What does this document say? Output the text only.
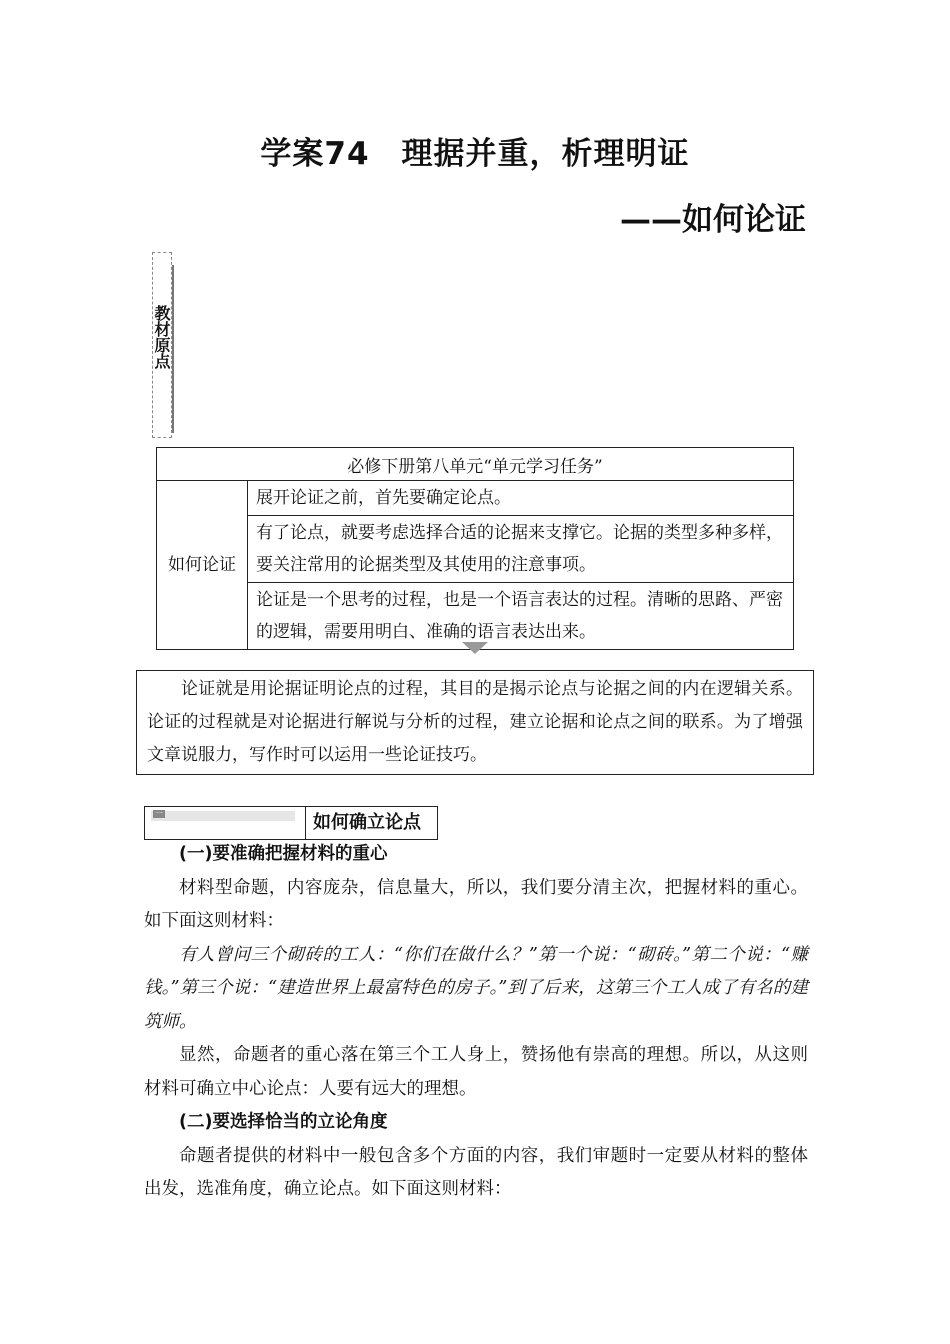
学案74　理据并重，析理明证
——如何论证
教材原点
必修下册第八单元“单元学习任务”
如何论证	展开论证之前，首先要确定论点。
有了论点，就要考虑选择合适的论据来支撑它。论据的类型多种多样，要关注常用的论据类型及其使用的注意事项。
论证是一个思考的过程，也是一个语言表达的过程。清晰的思路、严密的逻辑，需要用明白、准确的语言表达出来。
论证就是用论据证明论点的过程，其目的是揭示论点与论据之间的内在逻辑关系。论证的过程就是对论据进行解说与分析的过程，建立论据和论点之间的联系。为了增强文章说服力，写作时可以运用一些论证技巧。
一	如何确立论点

(一)要准确把握材料的重心

材料型命题，内容庞杂，信息量大，所以，我们要分清主次，把握材料的重心。如下面这则材料：

有人曾问三个砌砖的工人：“你们在做什么？”第一个说：“砌砖。”第二个说：“赚钱。”第三个说：“建造世界上最富特色的房子。”到了后来，这第三个工人成了有名的建筑师。

显然，命题者的重心落在第三个工人身上，赞扬他有崇高的理想。所以，从这则材料可确立中心论点：人要有远大的理想。

(二)要选择恰当的立论角度

命题者提供的材料中一般包含多个方面的内容，我们审题时一定要从材料的整体出发，选准角度，确立论点。如下面这则材料：
